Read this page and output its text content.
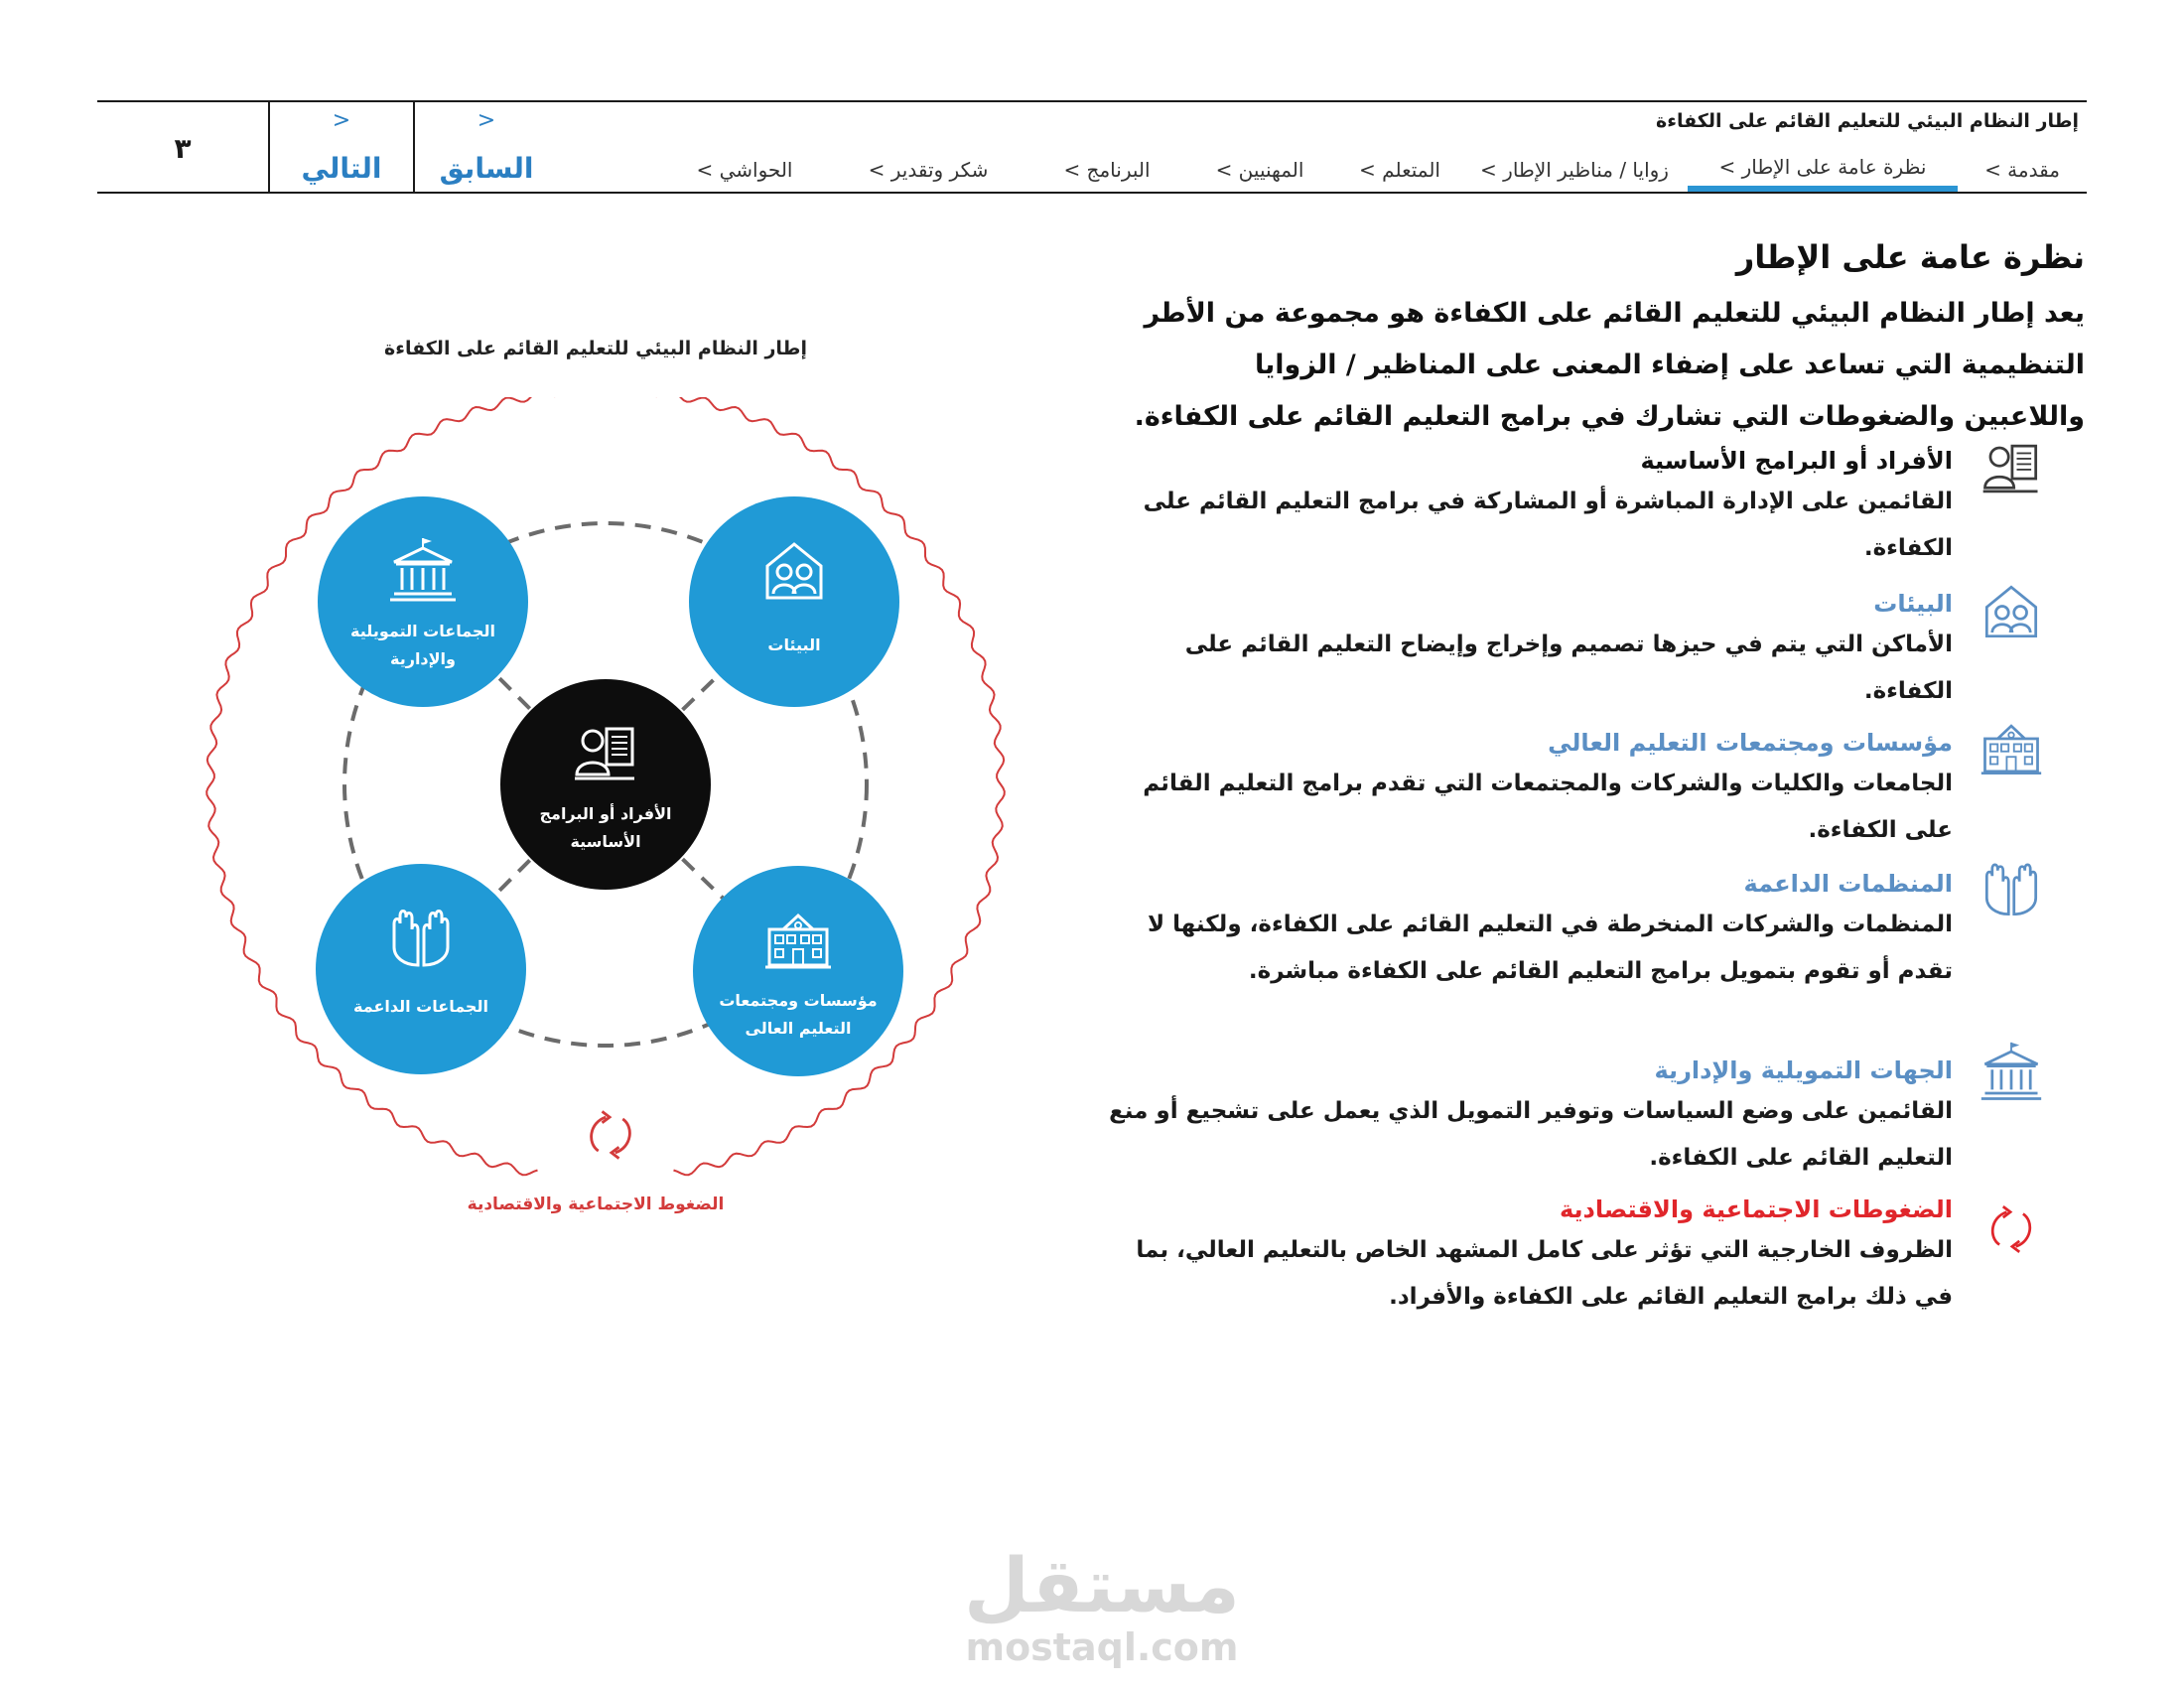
إطار النظام البيئي للتعليم القائم على الكفاءة
مقدمة >
نظرة عامة على الإطار >
زوايا / مناظير الإطار >
المتعلم >
المهنيين >
البرنامج >
شكر وتقدير >
الحواشي >
<
السابق
<
التالي
٣
نظرة عامة على الإطار
يعد إطار النظام البيئي للتعليم القائم على الكفاءة هو مجموعة من الأطر التنظيمية التي تساعد على إضفاء المعنى على المناظير / الزوايا واللاعبين والضغوطات التي تشارك في برامج التعليم القائم على الكفاءة.
الأفراد أو البرامج الأساسية
القائمين على الإدارة المباشرة أو المشاركة في برامج التعليم القائم على الكفاءة.
البيئات
الأماكن التي يتم في حيزها تصميم وإخراج وإيضاح التعليم القائم على الكفاءة.
مؤسسات ومجتمعات التعليم العالي
الجامعات والكليات والشركات والمجتمعات التي تقدم برامج التعليم القائم على الكفاءة.
المنظمات الداعمة
المنظمات والشركات المنخرطة في التعليم القائم على الكفاءة، ولكنها لا تقدم أو تقوم بتمويل برامج التعليم القائم على الكفاءة مباشرة.
الجهات التمويلية والإدارية
القائمين على وضع السياسات وتوفير التمويل الذي يعمل على تشجيع أو منع التعليم القائم على الكفاءة.
الضغوطات الاجتماعية والاقتصادية
الظروف الخارجية التي تؤثر على كامل المشهد الخاص بالتعليم العالي، بما في ذلك برامج التعليم القائم على الكفاءة والأفراد.
إطار النظام البيئي للتعليم القائم على الكفاءة
الجماعات التمويلية والإدارية
البيئات
الأفراد أو البرامج الأساسية
الجماعات الداعمة	مؤسسات ومجتمعات التعليم العالى
الضغوط الاجتماعية والاقتصادية
مستقل
mostaql.com
